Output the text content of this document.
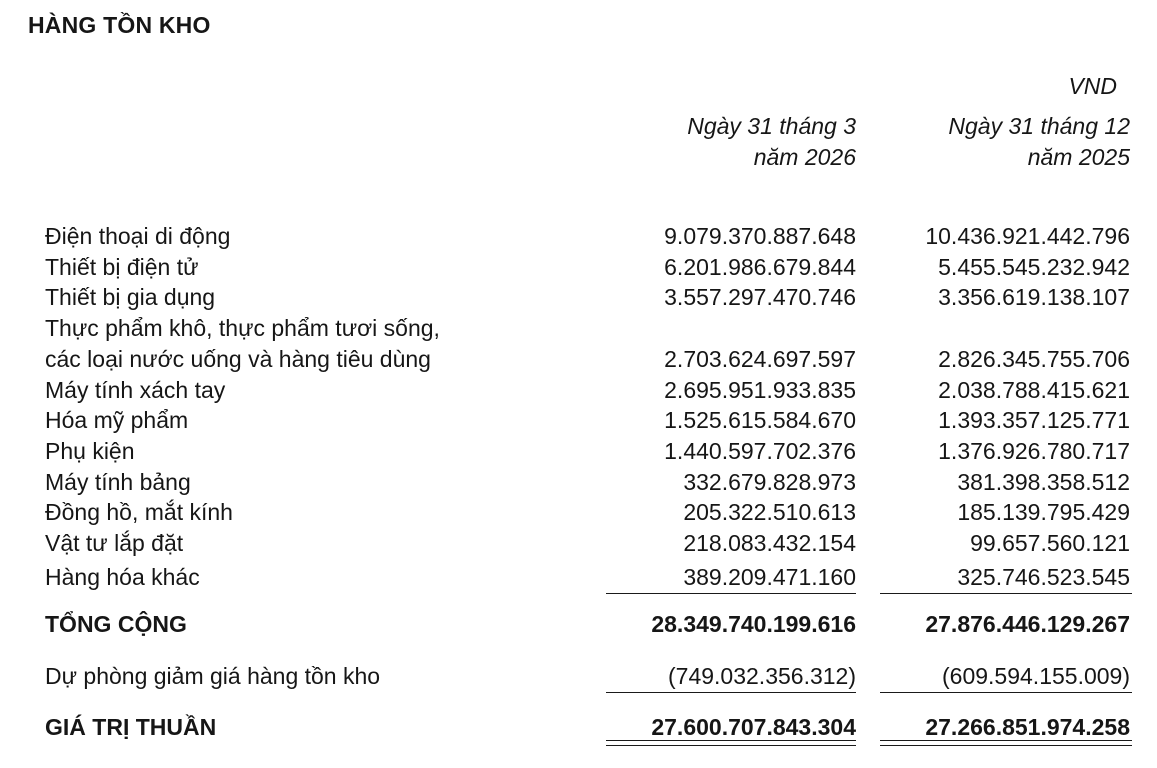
HÀNG TỒN KHO
VND
Ngày 31 tháng 3
năm 2026
Ngày 31 tháng 12
năm 2025
Điện thoại di động	9.079.370.887.648	10.436.921.442.796
Thiết bị điện tử	6.201.986.679.844	5.455.545.232.942
Thiết bị gia dụng	3.557.297.470.746	3.356.619.138.107
Thực phẩm khô, thực phẩm tươi sống,
các loại nước uống và hàng tiêu dùng	2.703.624.697.597	2.826.345.755.706
Máy tính xách tay	2.695.951.933.835	2.038.788.415.621
Hóa mỹ phẩm	1.525.615.584.670	1.393.357.125.771
Phụ kiện	1.440.597.702.376	1.376.926.780.717
Máy tính bảng	332.679.828.973	381.398.358.512
Đồng hồ, mắt kính	205.322.510.613	185.139.795.429
Vật tư lắp đặt	218.083.432.154	99.657.560.121
Hàng hóa khác	389.209.471.160	325.746.523.545
TỔNG CỘNG	28.349.740.199.616	27.876.446.129.267
Dự phòng giảm giá hàng tồn kho	(749.032.356.312)	(609.594.155.009)
GIÁ TRỊ THUẦN	27.600.707.843.304	27.266.851.974.258
